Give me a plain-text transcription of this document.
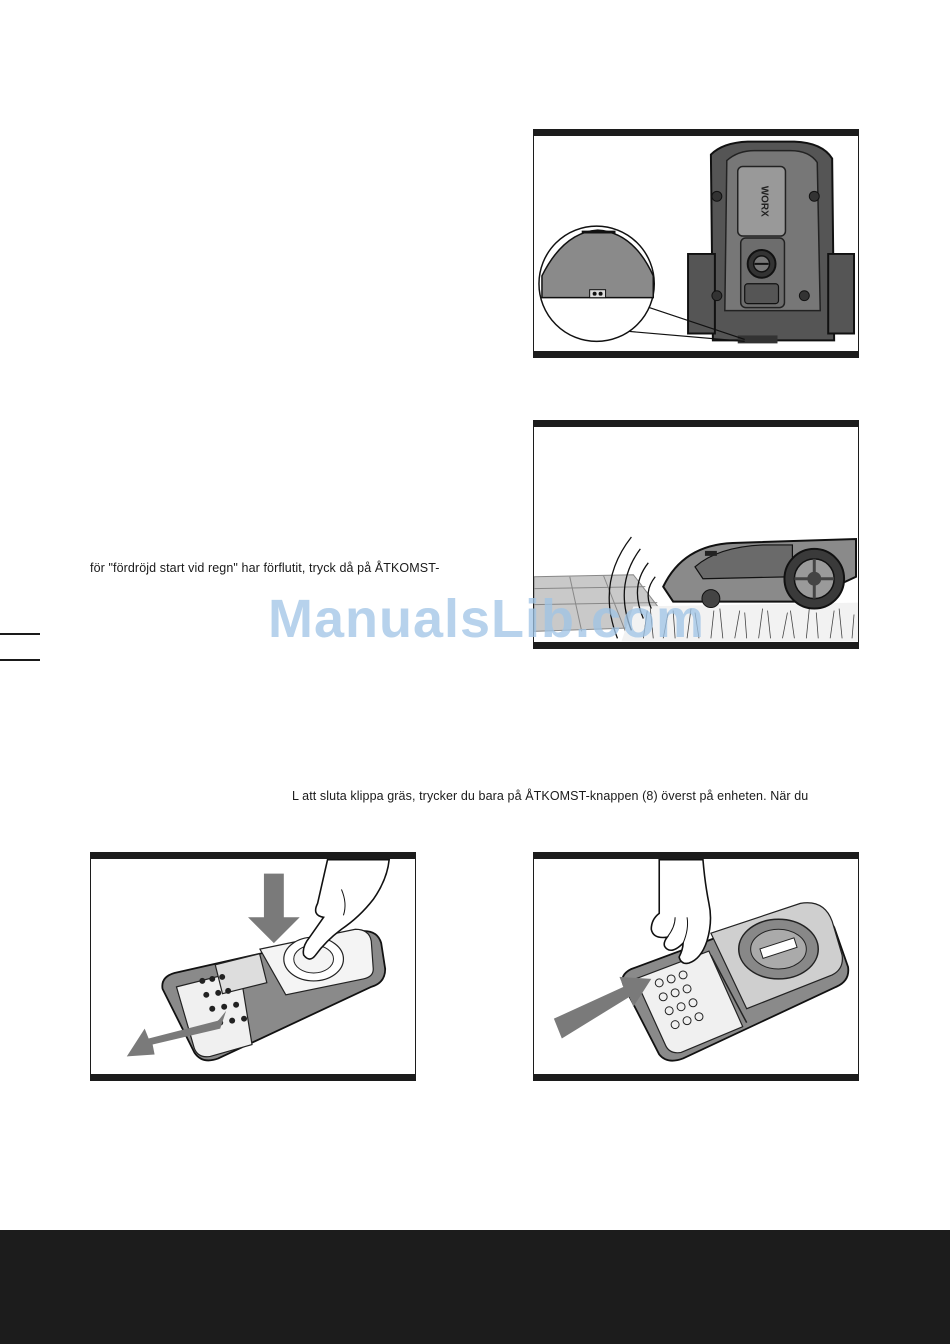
WORX

för "fördröjd start vid regn" har förflutit, tryck då på ÅTKOMST-

ManualsLib.com

L att sluta klippa gräs, trycker du bara på ÅTKOMST-knappen (8) överst på enheten. När du
